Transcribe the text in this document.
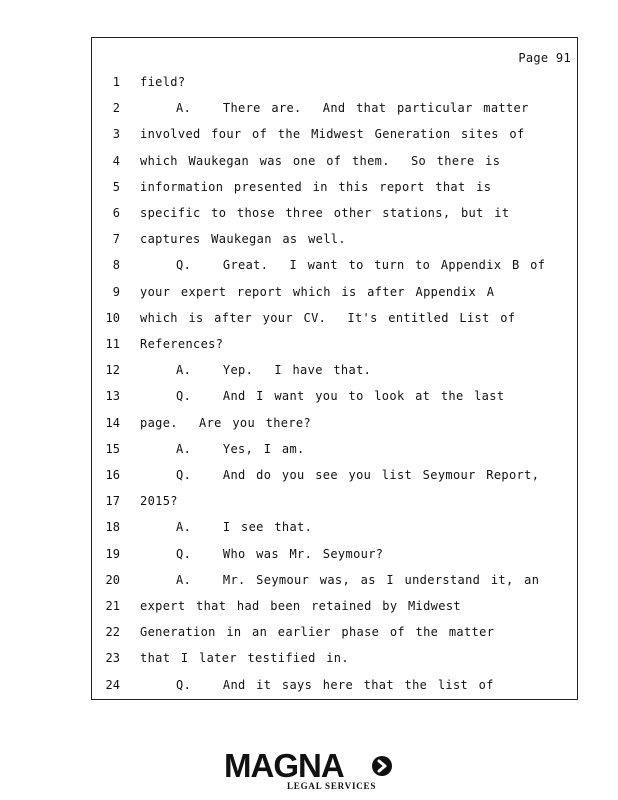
Page 91
1 field?
2	A.   There are.  And that particular matter
3 involved four of the Midwest Generation sites of
4 which Waukegan was one of them.  So there is
5 information presented in this report that is
6 specific to those three other stations, but it
7 captures Waukegan as well.
8	Q.   Great.  I want to turn to Appendix B of
9 your expert report which is after Appendix A
10 which is after your CV.  It's entitled List of
11 References?
12	A.   Yep.  I have that.
13	Q.   And I want you to look at the last
14 page.  Are you there?
15	A.   Yes, I am.
16	Q.   And do you see you list Seymour Report,
17 2015?
18	A.   I see that.
19	Q.   Who was Mr. Seymour?
20	A.   Mr. Seymour was, as I understand it, an
21 expert that had been retained by Midwest
22 Generation in an earlier phase of the matter
23 that I later testified in.
24	Q.   And it says here that the list of
MAGNA
LEGAL SERVICES
